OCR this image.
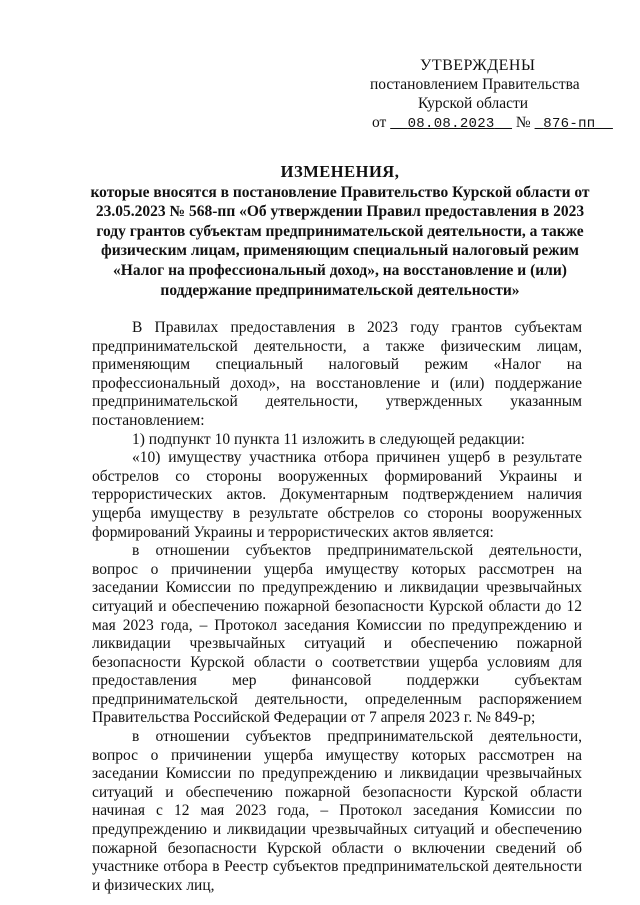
УТВЕРЖДЕНЫ
постановлением Правительства
Курской области
от 08.08.2023 № 876-пп
ИЗМЕНЕНИЯ,
которые вносятся в постановление Правительство Курской области от 23.05.2023 № 568-пп «Об утверждении Правил предоставления в 2023 году грантов субъектам предпринимательской деятельности, а также физическим лицам, применяющим специальный налоговый режим «Налог на профессиональный доход», на восстановление и (или) поддержание предпринимательской деятельности»

В Правилах предоставления в 2023 году грантов субъектам предпринимательской деятельности, а также физическим лицам, применяющим специальный налоговый режим «Налог на профессиональный доход», на восстановление и (или) поддержание предпринимательской деятельности, утвержденных указанным постановлением:

1) подпункт 10 пункта 11 изложить в следующей редакции:

«10) имуществу участника отбора причинен ущерб в результате обстрелов со стороны вооруженных формирований Украины и террористических актов. Документарным подтверждением наличия ущерба имуществу в результате обстрелов со стороны вооруженных формирований Украины и террористических актов является:

в отношении субъектов предпринимательской деятельности, вопрос о причинении ущерба имуществу которых рассмотрен на заседании Комиссии по предупреждению и ликвидации чрезвычайных ситуаций и обеспечению пожарной безопасности Курской области до 12 мая 2023 года, – Протокол заседания Комиссии по предупреждению и ликвидации чрезвычайных ситуаций и обеспечению пожарной безопасности Курской области о соответствии ущерба условиям для предоставления мер финансовой поддержки субъектам предпринимательской деятельности, определенным распоряжением Правительства Российской Федерации от 7 апреля 2023 г. № 849-р;

в отношении субъектов предпринимательской деятельности, вопрос о причинении ущерба имуществу которых рассмотрен на заседании Комиссии по предупреждению и ликвидации чрезвычайных ситуаций и обеспечению пожарной безопасности Курской области начиная с 12 мая 2023 года, – Протокол заседания Комиссии по предупреждению и ликвидации чрезвычайных ситуаций и обеспечению пожарной безопасности Курской области о включении сведений об участнике отбора в Реестр субъектов предпринимательской деятельности и физических лиц,
